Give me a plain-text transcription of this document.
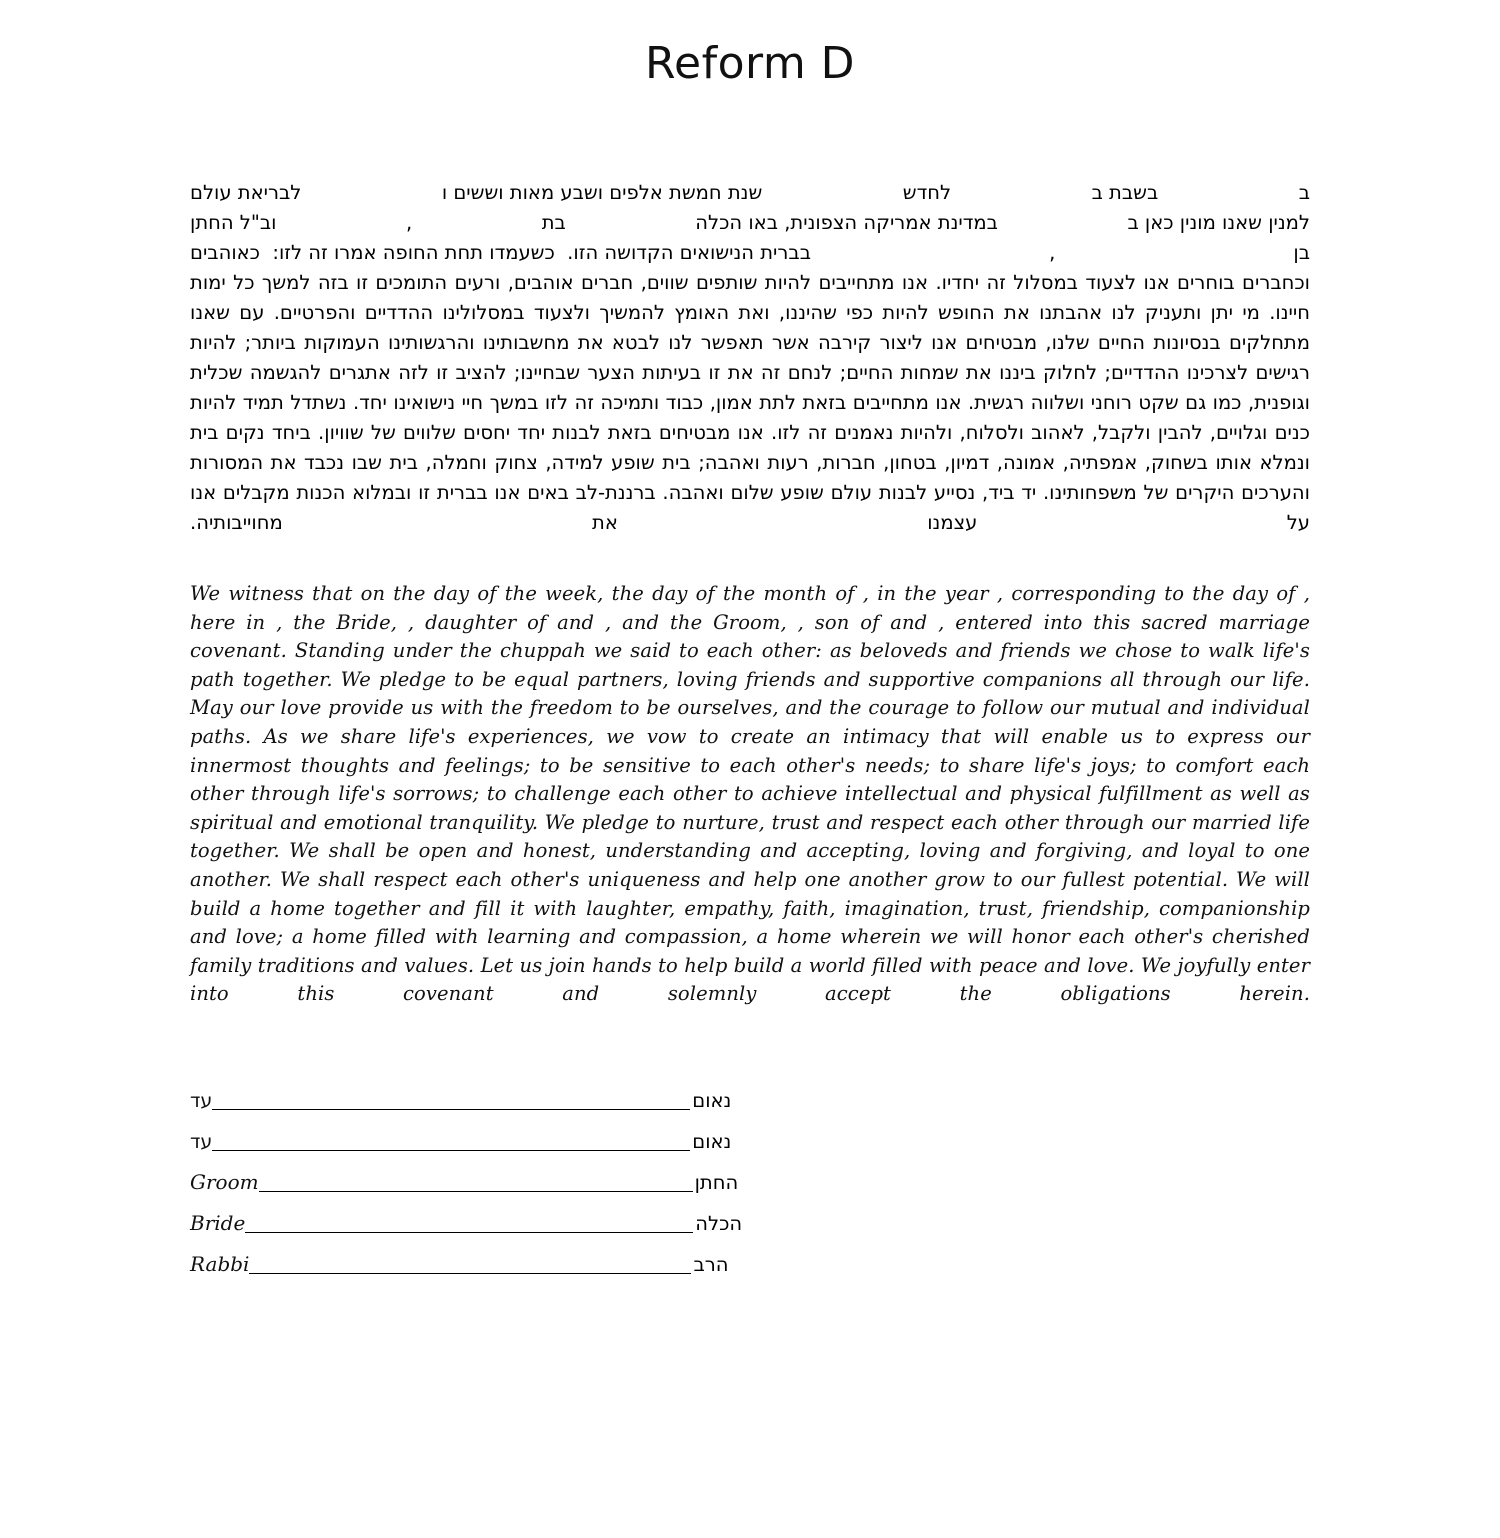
Reform D
ב
בשבת ב
לחדש
שנת חמשת אלפים ושבע מאות וששים ו
לבריאת עולם
למנין שאנו מונין כאן ב
במדינת אמריקה הצפונית, באו הכלה
בת
,
וב"ל החתן
בן
,
בברית הנישואים הקדושה הזו.  כשעמדו תחת החופה אמרו זה לזו:  כאוהבים
וכחברים בוחרים אנו לצעוד במסלול זה יחדיו. אנו מתחייבים להיות שותפים שווים, חברים אוהבים, ורעים התומכים זו בזה למשך כל ימות חיינו. מי יתן ותעניק לנו אהבתנו את החופש להיות כפי שהיננו, ואת האומץ להמשיך ולצעוד במסלולינו ההדדיים והפרטיים. עם שאנו מתחלקים בנסיונות החיים שלנו, מבטיחים אנו ליצור קירבה אשר תאפשר לנו לבטא את מחשבותינו והרגשותינו העמוקות ביותר; להיות רגישים לצרכינו ההדדיים; לחלוק ביננו את שמחות החיים; לנחם זה את זו בעיתות הצער שבחיינו; להציב זו לזה אתגרים להגשמה שכלית וגופנית, כמו גם שקט רוחני ושלווה רגשית. אנו מתחייבים בזאת לתת אמון, כבוד ותמיכה זה לזו במשך חיי נישואינו יחד. נשתדל תמיד להיות כנים וגלויים, להבין ולקבל, לאהוב ולסלוח, ולהיות נאמנים זה לזו. אנו מבטיחים בזאת לבנות יחד יחסים שלווים של שוויון. ביחד נקים בית ונמלא אותו בשחוק, אמפתיה, אמונה, דמיון, בטחון, חברות, רעות ואהבה; בית שופע למידה, צחוק וחמלה, בית שבו נכבד את המסורות והערכים היקרים של משפחותינו. יד ביד, נסייע לבנות עולם שופע שלום ואהבה. ברננת-לב באים אנו בברית זו ובמלוא הכנות מקבלים אנו על עצמנו את מחוייבותיה.
We witness that on the day of the week, the day of the month of , in the year , corresponding to the day of , here in , the Bride, , daughter of and , and the Groom, , son of and , entered into this sacred marriage covenant. Standing under the chuppah we said to each other: as beloveds and friends we chose to walk life's path together. We pledge to be equal partners, loving friends and supportive companions all through our life. May our love provide us with the freedom to be ourselves, and the courage to follow our mutual and individual paths. As we share life's experiences, we vow to create an intimacy that will enable us to express our innermost thoughts and feelings; to be sensitive to each other's needs; to share life's joys; to comfort each other through life's sorrows; to challenge each other to achieve intellectual and physical fulfillment as well as spiritual and emotional tranquility. We pledge to nurture, trust and respect each other through our married life together. We shall be open and honest, understanding and accepting, loving and forgiving, and loyal to one another. We shall respect each other's uniqueness and help one another grow to our fullest potential. We will build a home together and fill it with laughter, empathy, faith, imagination, trust, friendship, companionship and love; a home filled with learning and compassion, a home wherein we will honor each other's cherished family traditions and values. Let us join hands to help build a world filled with peace and love. We joyfully enter into this covenant and solemnly accept the obligations herein.
עד	נאום
עד	נאום
Groom	החתן
Bride	הכלה
Rabbi	הרב
